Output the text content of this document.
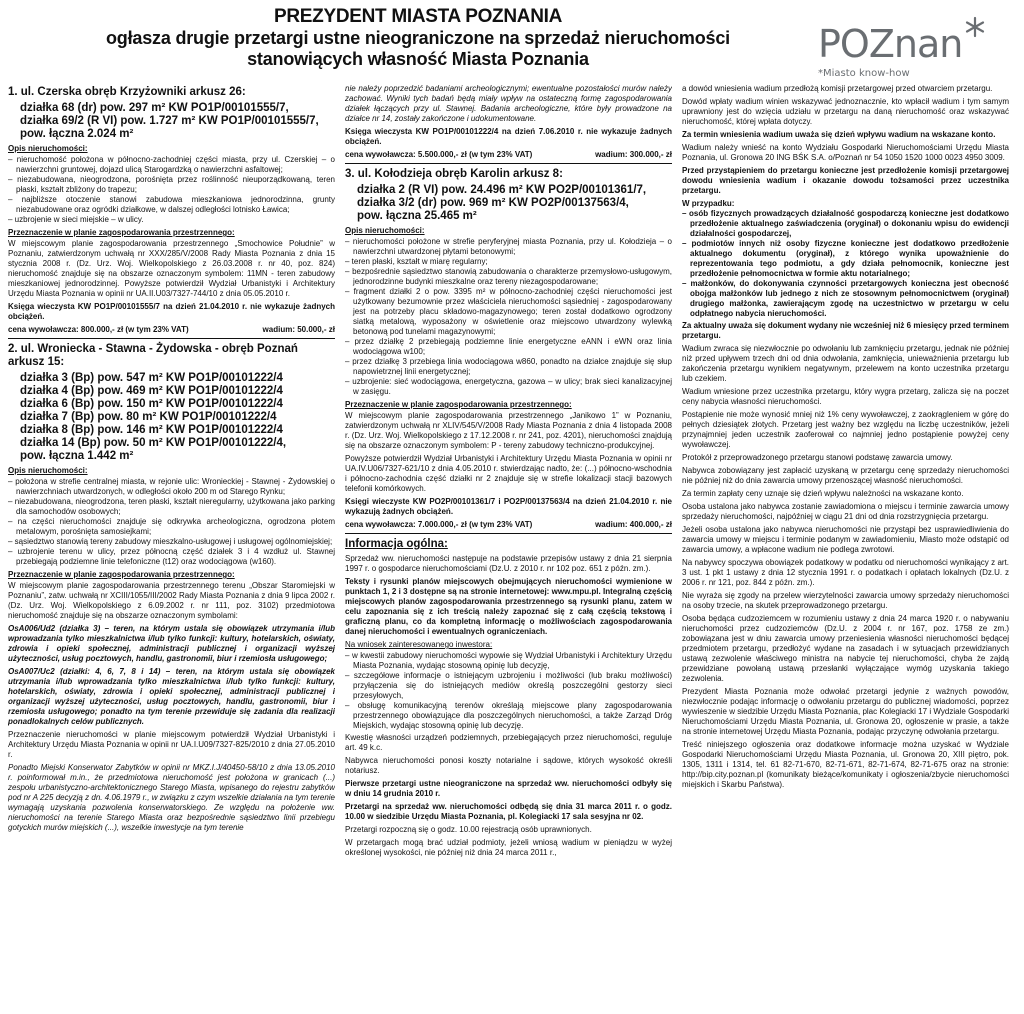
PREZYDENT MIASTA POZNANIA

ogłasza drugie przetargi ustne nieograniczone na sprzedaż nieruchomości

stanowiących własność Miasta Poznania	POZnan
*Miasto know-how
1. ul. Czerska obręb Krzyżowniki arkusz 26:
działka 68 (dr) pow. 297 m² KW PO1P/00101555/7,
działka 69/2 (R VI) pow. 1.727 m² KW PO1P/00101555/7,
pow. łączna 2.024 m²
Opis nieruchomości:
– nieruchomość położona w północno-zachodniej części miasta, przy ul. Czerskiej – o nawierzchni gruntowej, dojazd ulicą Starogardzką o nawierzchni asfaltowej;
– niezabudowana, nieogrodzona, porośnięta przez roślinność nieuporządkowaną, teren płaski, kształt zbliżony do trapezu;
– najbliższe otoczenie stanowi zabudowa mieszkaniowa jednorodzinna, grunty niezabudowane oraz ogródki działkowe, w dalszej odległości lotnisko Ławica;
– uzbrojenie w sieci miejskie – w ulicy.
Przeznaczenie w planie zagospodarowania przestrzennego:

W miejscowym planie zagospodarowania przestrzennego „Smochowice Południe” w Poznaniu, zatwierdzonym uchwałą nr XXX/285/V/2008 Rady Miasta Poznania z dnia 15 stycznia 2008 r. (Dz. Urz. Woj. Wielkopolskiego z 26.03.2008 r. nr 40, poz. 824) nieruchomość znajduje się na obszarze oznaczonym symbolem: 11MN - teren zabudowy mieszkaniowej jednorodzinnej. Powyższe potwierdził Wydział Urbanistyki i Architektury Urzędu Miasta Poznania w opinii nr UA.II.U03/7327-744/10 z dnia 05.05.2010 r.

Księga wieczysta KW PO1P/00101555/7 na dzień 21.04.2010 r. nie wykazuje żadnych obciążeń.

cena wywoławcza: 800.000,- zł (w tym 23% VAT)	wadium: 50.000,- zł
2. ul. Wroniecka - Stawna - Żydowska - obręb Poznań arkusz 15:
działka 3 (Bp) pow. 547 m² KW PO1P/00101222/4
działka 4 (Bp) pow. 469 m² KW PO1P/00101222/4
działka 6 (Bp) pow. 150 m² KW PO1P/00101222/4
działka 7 (Bp) pow. 80 m² KW PO1P/00101222/4
działka 8 (Bp) pow. 146 m² KW PO1P/00101222/4
działka 14 (Bp) pow. 50 m² KW PO1P/00101222/4,
pow. łączna 1.442 m²
Opis nieruchomości:
– położona w strefie centralnej miasta, w rejonie ulic: Wronieckiej - Stawnej - Żydowskiej o nawierzchniach utwardzonych, w odległości około 200 m od Starego Rynku;
– niezabudowana, nieogrodzona, teren płaski, kształt nieregularny, użytkowana jako parking dla samochodów osobowych;
– na części nieruchomości znajduje się odkrywka archeologiczna, ogrodzona płotem metalowym, porośnięta samosiejkami;
– sąsiedztwo stanowią tereny zabudowy mieszkalno-usługowej i usługowej ogólnomiejskiej;
– uzbrojenie terenu w ulicy, przez północną część działek 3 i 4 wzdłuż ul. Stawnej przebiegają podziemne linie telefoniczne (t12) oraz wodociągowa (w160).
Przeznaczenie w planie zagospodarowania przestrzennego:

W miejscowym planie zagospodarowania przestrzennego terenu „Obszar Staromiejski w Poznaniu”, zatw. uchwałą nr XCIII/1055/III/2002 Rady Miasta Poznania z dnia 9 lipca 2002 r. (Dz. Urz. Woj. Wielkopolskiego z 6.09.2002 r. nr 111, poz. 3102) przedmiotowa nieruchomość znajduje się na obszarze oznaczonym symbolami:

OsA006/Ud2 (działka 3) – teren, na którym ustala się obowiązek utrzymania i/lub wprowadzania tylko mieszkalnictwa i/lub tylko funkcji: kultury, hotelarskich, oświaty, zdrowia i opieki społecznej, administracji publicznej i organizacji wyższej użyteczności, usług pocztowych, handlu, gastronomii, biur i rzemiosła usługowego;

OsA007/Uc2 (działki: 4, 6, 7, 8 i 14) – teren, na którym ustala się obowiązek utrzymania i/lub wprowadzania tylko mieszkalnictwa i/lub tylko funkcji: kultury, hotelarskich, oświaty, zdrowia i opieki społecznej, administracji publicznej i organizacji wyższej użyteczności, usług pocztowych, handlu, gastronomii, biur i rzemiosła usługowego; ponadto na tym terenie przewiduje się zadania dla realizacji ponadlokalnych celów publicznych.

Przeznaczenie nieruchomości w planie miejscowym potwierdził Wydział Urbanistyki i Architektury Urzędu Miasta Poznania w opinii nr UA.I.U09/7327-825/2010 z dnia 27.05.2010 r.

Ponadto Miejski Konserwator Zabytków w opinii nr MKZ.I.J/40450-58/10 z dnia 13.05.2010 r. poinformował m.in., że przedmiotowa nieruchomość jest położona w granicach (...) zespołu urbanistyczno-architektonicznego Starego Miasta, wpisanego do rejestru zabytków pod nr A 225 decyzją z dn. 4.06.1979 r., w związku z czym wszelkie działania na tym terenie wymagają uzyskania pozwolenia konserwatorskiego. Ze względu na położenie ww. nieruchomości na terenie Starego Miasta oraz bezpośrednie sąsiedztwo linii przebiegu gotyckich murów miejskich (...), wszelkie inwestycje na tym terenie

nie należy poprzedzić badaniami archeologicznymi; ewentualne pozostałości murów należy zachować. Wyniki tych badań będą miały wpływ na ostateczną formę zagospodarowania działek łączących przy ul. Stawnej. Badania archeologiczne, które były prowadzone na działce nr 14, zostały zakończone i udokumentowane.

Księga wieczysta KW PO1P/00101222/4 na dzień 7.06.2010 r. nie wykazuje żadnych obciążeń.

cena wywoławcza: 5.500.000,- zł (w tym 23% VAT)	wadium: 300.000,- zł
3. ul. Kołodzieja obręb Karolin arkusz 8:
działka 2 (R VI) pow. 24.496 m² KW PO2P/00101361/7,
działka 3/2 (dr) pow. 969 m² KW PO2P/00137563/4,
pow. łączna 25.465 m²
Opis nieruchomości:
– nieruchomości położone w strefie peryferyjnej miasta Poznania, przy ul. Kołodzieja – o nawierzchni utwardzonej płytami betonowymi;
– teren płaski, kształt w miarę regularny;
– bezpośrednie sąsiedztwo stanowią zabudowania o charakterze przemysłowo-usługowym, jednorodzinne budynki mieszkalne oraz tereny niezagospodarowane;
– fragment działki 2 o pow. 3395 m² w północno-zachodniej części nieruchomości jest użytkowany bezumownie przez właściciela nieruchomości sąsiedniej - zagospodarowany jest na potrzeby placu składowo-magazynowego; teren został dodatkowo ogrodzony siatką metalową, wyposażony w oświetlenie oraz miejscowo utwardzony wylewką betonową pod tunelami magazynowymi;
– przez działkę 2 przebiegają podziemne linie energetyczne eANN i eWN oraz linia wodociągowa w100;
– przez działkę 3 przebiega linia wodociągowa w860, ponadto na działce znajduje się słup napowietrznej linii energetycznej;
– uzbrojenie: sieć wodociągowa, energetyczna, gazowa – w ulicy; brak sieci kanalizacyjnej w zasięgu.
Przeznaczenie w planie zagospodarowania przestrzennego:

W miejscowym planie zagospodarowania przestrzennego „Janikowo 1” w Poznaniu, zatwierdzonym uchwałą nr XLIV/545/V/2008 Rady Miasta Poznania z dnia 4 listopada 2008 r. (Dz. Urz. Woj. Wielkopolskiego z 17.12.2008 r. nr 241, poz. 4201), nieruchomości znajdują się na obszarze oznaczonym symbolem: P - tereny zabudowy techniczno-produkcyjnej.

Powyższe potwierdził Wydział Urbanistyki i Architektury Urzędu Miasta Poznania w opinii nr UA.IV.U06/7327-621/10 z dnia 4.05.2010 r. stwierdzając nadto, że: (...) północno-wschodnia i północno-zachodnia część działki nr 2 znajduje się w strefie lokalizacji stacji bazowych telefonii komórkowych.

Księgi wieczyste KW PO2P/00101361/7 i PO2P/00137563/4 na dzień 21.04.2010 r. nie wykazują żadnych obciążeń.

cena wywoławcza: 7.000.000,- zł (w tym 23% VAT)	wadium: 400.000,- zł
Informacja ogólna:

Sprzedaż ww. nieruchomości następuje na podstawie przepisów ustawy z dnia 21 sierpnia 1997 r. o gospodarce nieruchomościami (Dz.U. z 2010 r. nr 102 poz. 651 z późn. zm.).

Teksty i rysunki planów miejscowych obejmujących nieruchomości wymienione w punktach 1, 2 i 3 dostępne są na stronie internetowej: www.mpu.pl. Integralną częścią miejscowych planów zagospodarowania przestrzennego są rysunki planu, zatem w celu zapoznania się z ich treścią należy zapoznać się z całą częścią tekstową i graficzną planu, co da kompletną informację o możliwościach zagospodarowania danej nieruchomości i ewentualnych ograniczeniach.

Na wniosek zainteresowanego inwestora:
– w kwestii zabudowy nieruchomości wypowie się Wydział Urbanistyki i Architektury Urzędu Miasta Poznania, wydając stosowną opinię lub decyzję,
– szczegółowe informacje o istniejącym uzbrojeniu i możliwości (lub braku możliwości) przyłączenia się do istniejących mediów określą poszczególni gestorzy sieci przesyłowych,
– obsługę komunikacyjną terenów określają miejscowe plany zagospodarowania przestrzennego obowiązujące dla poszczególnych nieruchomości, a także Zarząd Dróg Miejskich, wydając stosowną opinię lub decyzję.

Kwestię własności urządzeń podziemnych, przebiegających przez nieruchomości, reguluje art. 49 k.c.

Nabywca nieruchomości ponosi koszty notarialne i sądowe, których wysokość określi notariusz.

Pierwsze przetargi ustne nieograniczone na sprzedaż ww. nieruchomości odbyły się w dniu 14 grudnia 2010 r.

Przetargi na sprzedaż ww. nieruchomości odbędą się dnia 31 marca 2011 r. o godz. 10.00 w siedzibie Urzędu Miasta Poznania, pl. Kolegiacki 17 sala sesyjna nr 02.

Przetargi rozpoczną się o godz. 10.00 rejestracją osób uprawnionych.

W przetargach mogą brać udział podmioty, jeżeli wniosą wadium w pieniądzu w wyżej określonej wysokości, nie później niż dnia 24 marca 2011 r.,

a dowód wniesienia wadium przedłożą komisji przetargowej przed otwarciem przetargu.

Dowód wpłaty wadium winien wskazywać jednoznacznie, kto wpłacił wadium i tym samym uprawniony jest do wzięcia udziału w przetargu na daną nieruchomość oraz wskazywać nieruchomość, której wpłata dotyczy.

Za termin wniesienia wadium uważa się dzień wpływu wadium na wskazane konto.

Wadium należy wnieść na konto Wydziału Gospodarki Nieruchomościami Urzędu Miasta Poznania, ul. Gronowa 20 ING BŚK S.A. o/Poznań nr 54 1050 1520 1000 0023 4950 3009.

Przed przystąpieniem do przetargu konieczne jest przedłożenie komisji przetargowej dowodu wniesienia wadium i okazanie dowodu tożsamości przez uczestnika przetargu.

W przypadku:
– osób fizycznych prowadzących działalność gospodarczą konieczne jest dodatkowo przedłożenie aktualnego zaświadczenia (oryginał) o dokonaniu wpisu do ewidencji działalności gospodarczej,
– podmiotów innych niż osoby fizyczne konieczne jest dodatkowo przedłożenie aktualnego dokumentu (oryginał), z którego wynika upoważnienie do reprezentowania tego podmiotu, a gdy działa pełnomocnik, konieczne jest przedłożenie pełnomocnictwa w formie aktu notarialnego;
– małżonków, do dokonywania czynności przetargowych konieczna jest obecność obojga małżonków lub jednego z nich ze stosownym pełnomocnictwem (oryginał) drugiego małżonka, zawierającym zgodę na uczestnictwo w przetargu w celu odpłatnego nabycia nieruchomości.

Za aktualny uważa się dokument wydany nie wcześniej niż 6 miesięcy przed terminem przetargu.

Wadium zwraca się niezwłocznie po odwołaniu lub zamknięciu przetargu, jednak nie później niż przed upływem trzech dni od dnia odwołania, zamknięcia, unieważnienia przetargu lub zakończenia przetargu wynikiem negatywnym, przelewem na konto uczestnika przetargu lub czekiem.

Wadium wniesione przez uczestnika przetargu, który wygra przetarg, zalicza się na poczet ceny nabycia własności nieruchomości.

Postąpienie nie może wynosić mniej niż 1% ceny wywoławczej, z zaokrągleniem w górę do pełnych dziesiątek złotych. Przetarg jest ważny bez względu na liczbę uczestników, jeżeli przynajmniej jeden uczestnik zaoferował co najmniej jedno postąpienie powyżej ceny wywoławczej.

Protokół z przeprowadzonego przetargu stanowi podstawę zawarcia umowy.

Nabywca zobowiązany jest zapłacić uzyskaną w przetargu cenę sprzedaży nieruchomości nie później niż do dnia zawarcia umowy przenoszącej własność nieruchomości.

Za termin zapłaty ceny uznaje się dzień wpływu należności na wskazane konto.

Osoba ustalona jako nabywca zostanie zawiadomiona o miejscu i terminie zawarcia umowy sprzedaży nieruchomości, najpóźniej w ciągu 21 dni od dnia rozstrzygnięcia przetargu.

Jeżeli osoba ustalona jako nabywca nieruchomości nie przystąpi bez usprawiedliwienia do zawarcia umowy w miejscu i terminie podanym w zawiadomieniu, Miasto może odstąpić od zawarcia umowy, a wpłacone wadium nie podlega zwrotowi.

Na nabywcy spoczywa obowiązek podatkowy w podatku od nieruchomości wynikający z art. 3 ust. 1 pkt 1 ustawy z dnia 12 stycznia 1991 r. o podatkach i opłatach lokalnych (Dz.U. z 2006 r. nr 121, poz. 844 z późn. zm.).

Nie wyraża się zgody na przelew wierzytelności zawarcia umowy sprzedaży nieruchomości na osoby trzecie, na skutek przeprowadzonego przetargu.

Osoba będąca cudzoziemcem w rozumieniu ustawy z dnia 24 marca 1920 r. o nabywaniu nieruchomości przez cudzoziemców (Dz.U. z 2004 r. nr 167, poz. 1758 ze zm.) zobowiązana jest w dniu zawarcia umowy przeniesienia własności nieruchomości będącej przedmiotem przetargu, przedłożyć wydane na zasadach i w sytuacjach przewidzianych ustawą zezwolenie właściwego ministra na nabycie tej nieruchomości, chyba że zajdą przewidziane powołaną ustawą przesłanki wyłączające wymóg uzyskania takiego zezwolenia.

Prezydent Miasta Poznania może odwołać przetargi jedynie z ważnych powodów, niezwłocznie podając informację o odwołaniu przetargu do publicznej wiadomości, poprzez wywieszenie w siedzibie Urzędu Miasta Poznania, plac Kolegiacki 17 i Wydziale Gospodarki Nieruchomościami Urzędu Miasta Poznania, ul. Gronowa 20, ogłoszenie w prasie, a także na stronie internetowej Urzędu Miasta Poznania, podając przyczynę odwołania przetargu.

Treść niniejszego ogłoszenia oraz dodatkowe informacje można uzyskać w Wydziale Gospodarki Nieruchomościami Urzędu Miasta Poznania, ul. Gronowa 20, XIII piętro, pok. 1305, 1311 i 1314, tel. 61 82-71-670, 82-71-671, 82-71-674, 82-71-675 oraz na stronie: http://bip.city.poznan.pl (komunikaty bieżące/komunikaty i ogłoszenia/zbycie nieruchomości miejskich i Skarbu Państwa).
